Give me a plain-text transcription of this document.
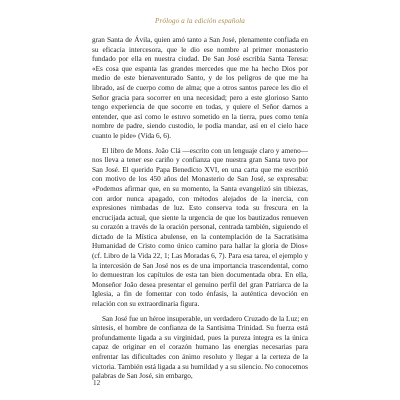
Prólogo a la edición española

gran Santa de Ávila, quien amó tanto a San José, plenamente confiada en su eficacia intercesora, que le dio ese nombre al primer monasterio fundado por ella en nuestra ciudad. De San José escribía Santa Teresa: «Es cosa que espanta las grandes mercedes que me ha hecho Dios por medio de este bienaventurado Santo, y de los peligros de que me ha librado, así de cuerpo como de alma; que a otros santos parece les dio el Señor gracia para socorrer en una necesidad; pero a este glorioso Santo tengo experiencia de que socorre en todas, y quiere el Señor darnos a entender, que así como le estuvo sometido en la tierra, pues como tenía nombre de padre, siendo custodio, le podía mandar, así en el cielo hace cuanto le pide» (Vida 6, 6).

El libro de Mons. João Clá —escrito con un lenguaje claro y ameno— nos lleva a tener ese cariño y confianza que nuestra gran Santa tuvo por San José. El querido Papa Benedicto XVI, en una carta que me escribió con motivo de los 450 años del Monasterio de San José, se expresaba: «Podemos afirmar que, en su momento, la Santa evangelizó sin tibiezas, con ardor nunca apagado, con métodos alejados de la inercia, con expresiones nimbadas de luz. Esto conserva toda su frescura en la encrucijada actual, que siente la urgencia de que los bautizados renueven su corazón a través de la oración personal, centrada también, siguiendo el dictado de la Mística abulense, en la contemplación de la Sacratísima Humanidad de Cristo como único camino para hallar la gloria de Dios» (cf. Libro de la Vida 22, 1; Las Moradas 6, 7). Para esa tarea, el ejemplo y la intercesión de San José nos es de una importancia trascendental, como lo demuestran los capítulos de esta tan bien documentada obra. En ella, Monseñor João desea presentar el genuino perfil del gran Patriarca de la Iglesia, a fin de fomentar con todo énfasis, la auténtica devoción en relación con su extraordinaria figura.

San José fue un héroe insuperable, un verdadero Cruzado de la Luz; en síntesis, el hombre de confianza de la Santísima Trinidad. Su fuerza está profundamente ligada a su virginidad, pues la pureza íntegra es la única capaz de originar en el corazón humano las energías necesarias para enfrentar las dificultades con ánimo resoluto y llegar a la certeza de la victoria. También está ligada a su humildad y a su silencio. No conocemos palabras de San José, sin embargo,

12
